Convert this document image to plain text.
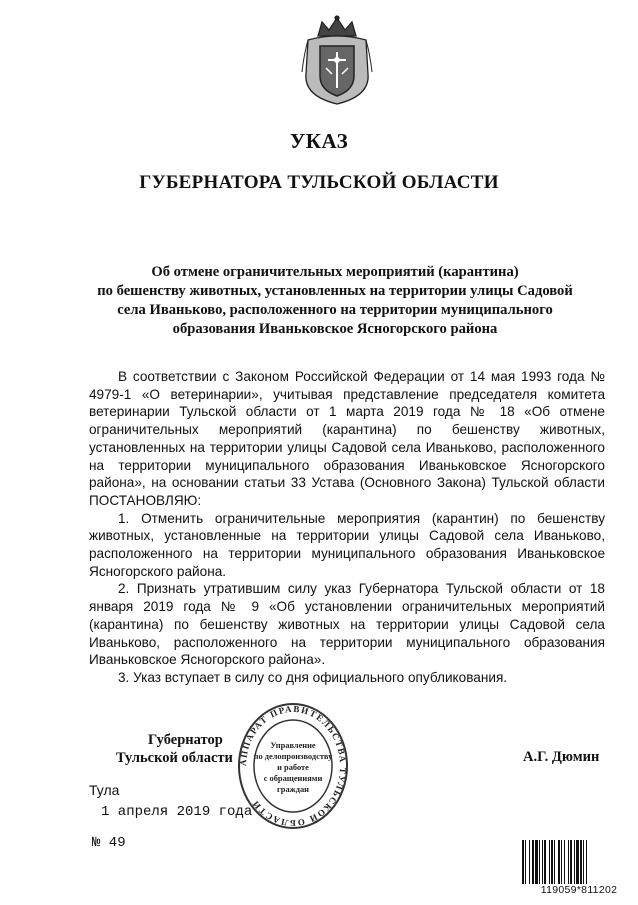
УКАЗ
ГУБЕРНАТОРА ТУЛЬСКОЙ ОБЛАСТИ
Об отмене ограничительных мероприятий (карантина)
по бешенству животных, установленных на территории улицы Садовой
села Иваньково, расположенного на территории муниципального
образования Иваньковское Ясногорского района

В соответствии с Законом Российской Федерации от 14 мая 1993 года № 4979-1 «О ветеринарии», учитывая представление председателя комитета ветеринарии Тульской области от 1 марта 2019 года № 18 «Об отмене ограничительных мероприятий (карантина) по бешенству животных, установленных на территории улицы Садовой села Иваньково, расположенного на территории муниципального образования Иваньковское Ясногорского района», на основании статьи 33 Устава (Основного Закона) Тульской области ПОСТАНОВЛЯЮ:

1. Отменить ограничительные мероприятия (карантин) по бешенству животных, установленные на территории улицы Садовой села Иваньково, расположенного на территории муниципального образования Иваньковское Ясногорского района.

2. Признать утратившим силу указ Губернатора Тульской области от 18 января 2019 года № 9 «Об установлении ограничительных мероприятий (карантина) по бешенству животных на территории улицы Садовой села Иваньково, расположенного на территории муниципального образования Иваньковское Ясногорского района».

3. Указ вступает в силу со дня официального опубликования.

Губернатор
Тульской области	А.Г. Дюмин
АППАРАТ ПРАВИТЕЛЬСТВА ТУЛЬСКОЙ ОБЛАСТИ
Управление
по делопроизводству
и работе
с обращениями
граждан
Тула
1 апреля 2019 года
№ 49
119059*811202
